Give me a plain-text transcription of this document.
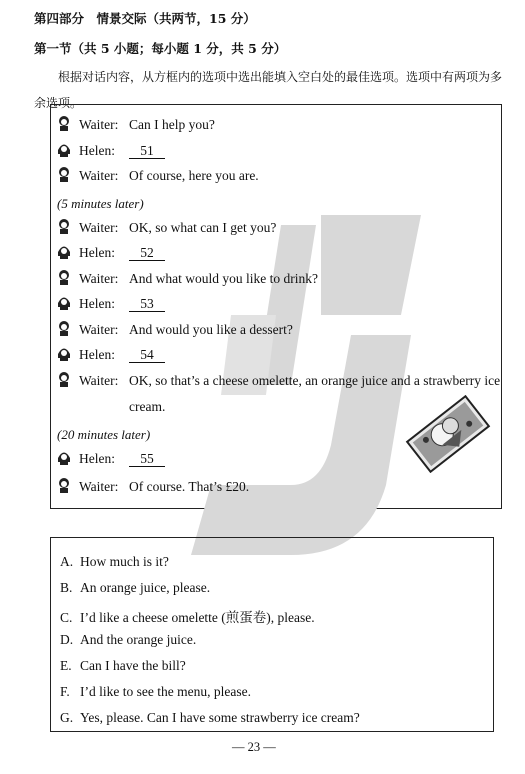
第四部分　情景交际（共两节，15 分）
第一节（共 5 小题；每小题 1 分，共 5 分）
根据对话内容，从方框内的选项中选出能填入空白处的最佳选项。选项中有两项为多余选项。
Waiter: Can I help you?
Helen:	51
Waiter: Of course, here you are.
(5 minutes later)
Waiter: OK, so what can I get you?
Helen:	52
Waiter: And what would you like to drink?
Helen:	53
Waiter: And would you like a dessert?
Helen:	54
Waiter: OK, so that’s a cheese omelette, an orange juice and a strawberry ice
cream.
(20 minutes later)
Helen:	55
Waiter: Of course. That’s £20.
A. How much is it?
B. An orange juice, please.
C. I’d like a cheese omelette (煎蛋卷), please.
D. And the orange juice.
E. Can I have the bill?
F. I’d like to see the menu, please.
G. Yes, please. Can I have some strawberry ice cream?
— 23 —
